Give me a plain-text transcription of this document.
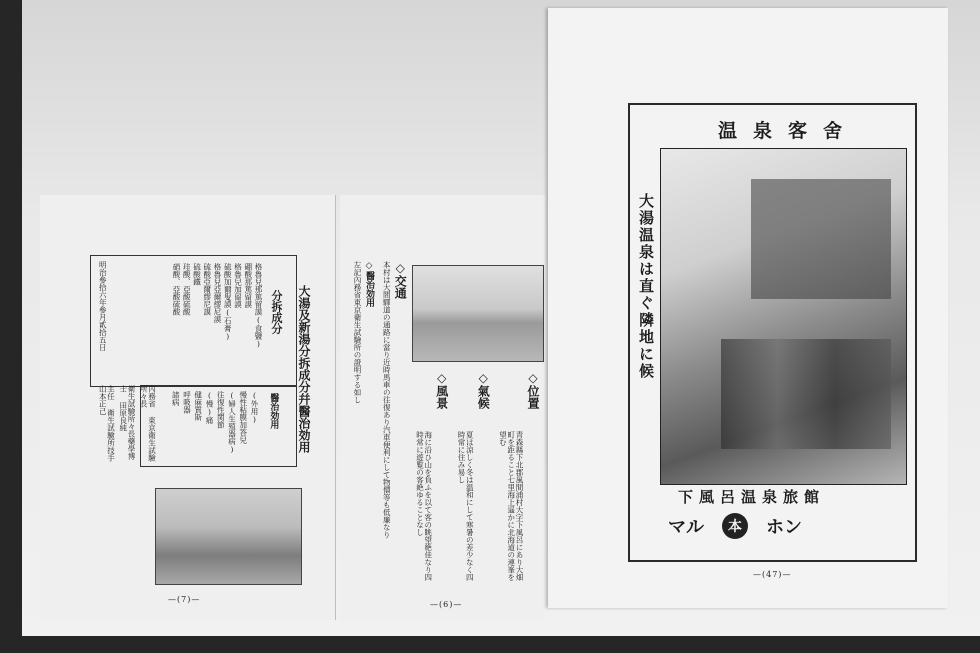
大湯及新湯分拆成分幷醫治効用
分拆成分
格魯兒那篤留謨(食鹽)
硼酸那篤留謨
格魯兒加留謨
硫酸加爾叟謨(石膏)
格魯兒亞爾繆尼謨
硫酸亞爾繆尼謨
硫酸鐵
珪酸、亞酸硫酸
硝酸、亞酸硫酸
明治參拾六年參月貳拾五日
醫治効用
(外用)
慢性粘膜加答兒
(婦人生殖器病)
往復性関節
(慢)痛
健麻質斯
呼吸器
諸病
內務省 東京衛生試驗所々長
衛生試驗所々長藥學博士 田原良純
主任 衛生試驗所技手 山本正己
—(7)—
◇位置
青森縣下北郡風間浦村大字下風呂にあり大畑町を距ること七里海上遥かに北海道の連峯を望む
◇氣候
夏は涼しく冬は温和にして寒暑の差少なく四時常に住み易し
◇風景
海に沿ひ山を負ふを以て客の眺望絶佳なり四時常に遊覧の客絶ゆることなし
◇交通
本村は大間驛道の通路に當り近時馬車の往復あり汽車便利にして物價等も低廉なり
◇醫治効用
左記內務省東京衛生試驗所の證明する如し
—(6)—
温泉客舍
大湯温泉は直ぐ隣地に候
下風呂温泉旅館
マル	本	ホン
—(47)—
